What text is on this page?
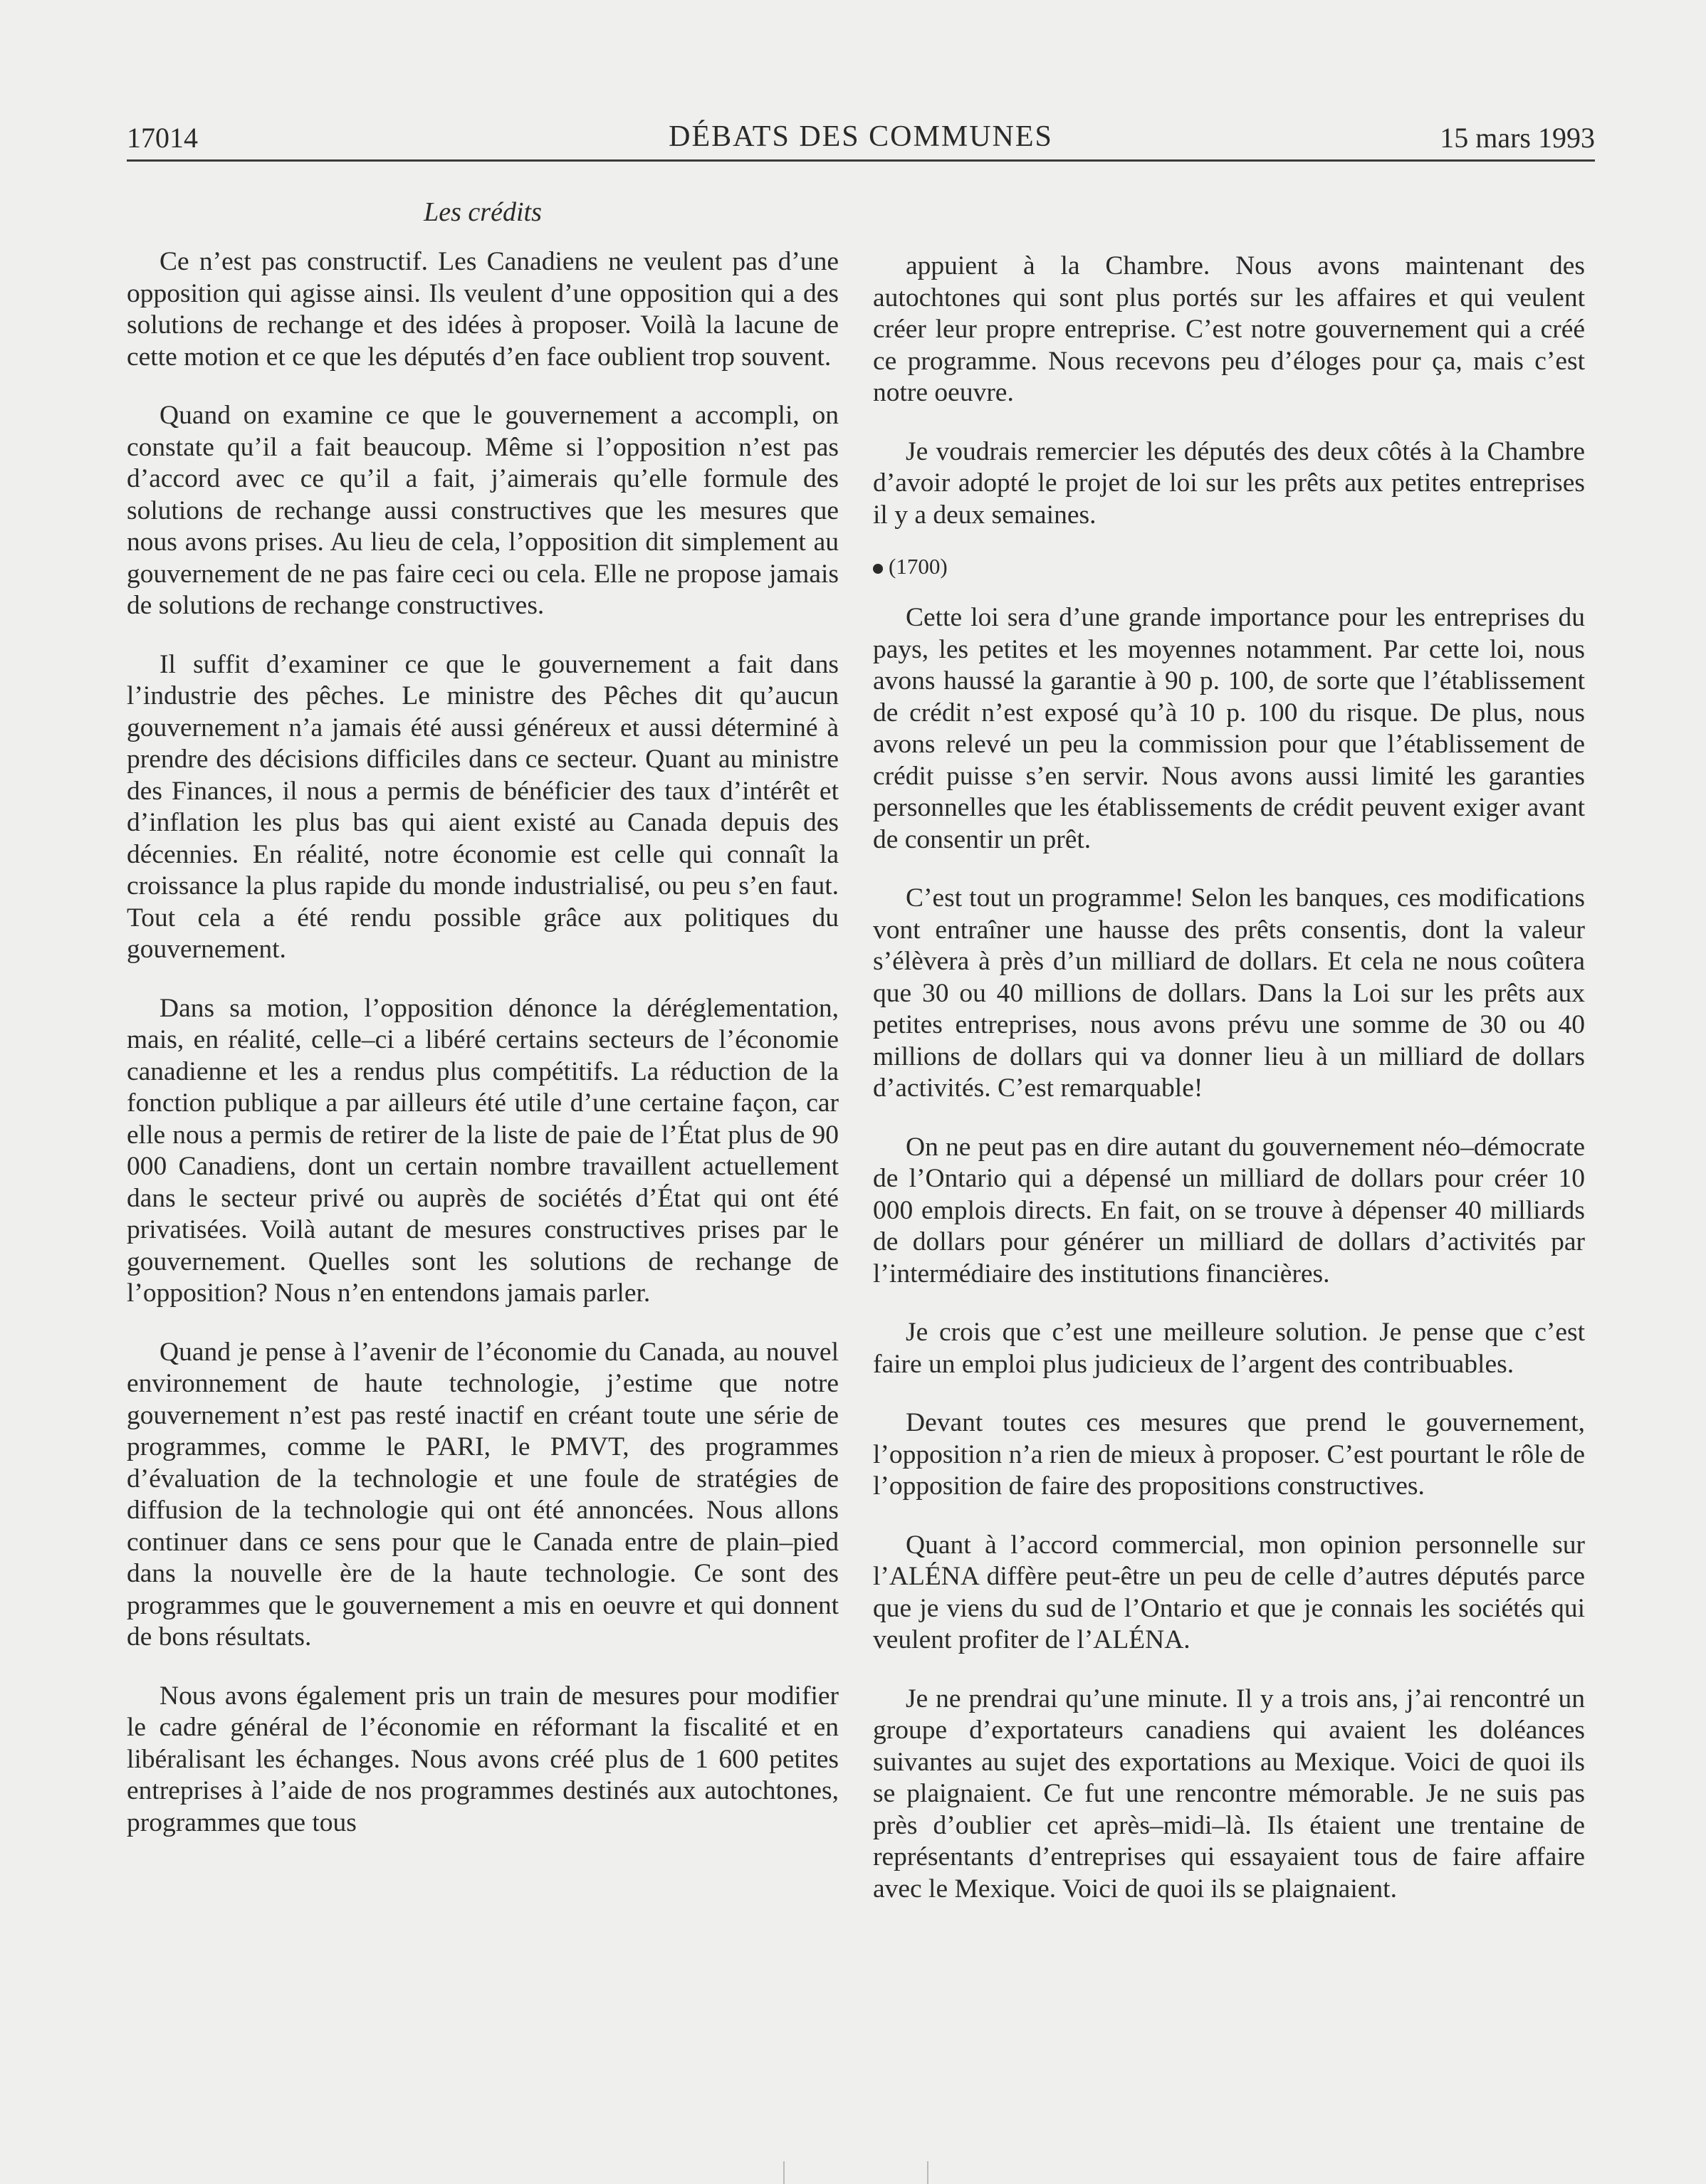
17014	DÉBATS DES COMMUNES	15 mars 1993
Les crédits

Ce n’est pas constructif. Les Canadiens ne veulent pas d’une opposition qui agisse ainsi. Ils veulent d’une opposition qui a des solutions de rechange et des idées à proposer. Voilà la lacune de cette motion et ce que les députés d’en face oublient trop souvent.

Quand on examine ce que le gouvernement a accompli, on constate qu’il a fait beaucoup. Même si l’opposition n’est pas d’accord avec ce qu’il a fait, j’aimerais qu’elle formule des solutions de rechange aussi constructives que les mesures que nous avons prises. Au lieu de cela, l’opposition dit simplement au gouvernement de ne pas faire ceci ou cela. Elle ne propose jamais de solutions de rechange constructives.

Il suffit d’examiner ce que le gouvernement a fait dans l’industrie des pêches. Le ministre des Pêches dit qu’aucun gouvernement n’a jamais été aussi généreux et aussi déterminé à prendre des décisions difficiles dans ce secteur. Quant au ministre des Finances, il nous a permis de bénéficier des taux d’intérêt et d’inflation les plus bas qui aient existé au Canada depuis des décennies. En réalité, notre économie est celle qui connaît la croissance la plus rapide du monde industrialisé, ou peu s’en faut. Tout cela a été rendu possible grâce aux politiques du gouvernement.

Dans sa motion, l’opposition dénonce la déréglementation, mais, en réalité, celle–ci a libéré certains secteurs de l’économie canadienne et les a rendus plus compétitifs. La réduction de la fonction publique a par ailleurs été utile d’une certaine façon, car elle nous a permis de retirer de la liste de paie de l’État plus de 90 000 Canadiens, dont un certain nombre travaillent actuellement dans le secteur privé ou auprès de sociétés d’État qui ont été privatisées. Voilà autant de mesures constructives prises par le gouvernement. Quelles sont les solutions de rechange de l’opposition? Nous n’en entendons jamais parler.

Quand je pense à l’avenir de l’économie du Canada, au nouvel environnement de haute technologie, j’estime que notre gouvernement n’est pas resté inactif en créant toute une série de programmes, comme le PARI, le PMVT, des programmes d’évaluation de la technologie et une foule de stratégies de diffusion de la technologie qui ont été annoncées. Nous allons continuer dans ce sens pour que le Canada entre de plain–pied dans la nouvelle ère de la haute technologie. Ce sont des programmes que le gouvernement a mis en oeuvre et qui donnent de bons résultats.

Nous avons également pris un train de mesures pour modifier le cadre général de l’économie en réformant la fiscalité et en libéralisant les échanges. Nous avons créé plus de 1 600 petites entreprises à l’aide de nos programmes destinés aux autochtones, programmes que tous

appuient à la Chambre. Nous avons maintenant des autochtones qui sont plus portés sur les affaires et qui veulent créer leur propre entreprise. C’est notre gouvernement qui a créé ce programme. Nous recevons peu d’éloges pour ça, mais c’est notre oeuvre.

Je voudrais remercier les députés des deux côtés à la Chambre d’avoir adopté le projet de loi sur les prêts aux petites entreprises il y a deux semaines.

(1700)

Cette loi sera d’une grande importance pour les entreprises du pays, les petites et les moyennes notamment. Par cette loi, nous avons haussé la garantie à 90 p. 100, de sorte que l’établissement de crédit n’est exposé qu’à 10 p. 100 du risque. De plus, nous avons relevé un peu la commission pour que l’établissement de crédit puisse s’en servir. Nous avons aussi limité les garanties personnelles que les établissements de crédit peuvent exiger avant de consentir un prêt.

C’est tout un programme! Selon les banques, ces modifications vont entraîner une hausse des prêts consentis, dont la valeur s’élèvera à près d’un milliard de dollars. Et cela ne nous coûtera que 30 ou 40 millions de dollars. Dans la Loi sur les prêts aux petites entreprises, nous avons prévu une somme de 30 ou 40 millions de dollars qui va donner lieu à un milliard de dollars d’activités. C’est remarquable!

On ne peut pas en dire autant du gouvernement néo–démocrate de l’Ontario qui a dépensé un milliard de dollars pour créer 10 000 emplois directs. En fait, on se trouve à dépenser 40 milliards de dollars pour générer un milliard de dollars d’activités par l’intermédiaire des institutions financières.

Je crois que c’est une meilleure solution. Je pense que c’est faire un emploi plus judicieux de l’argent des contribuables.

Devant toutes ces mesures que prend le gouvernement, l’opposition n’a rien de mieux à proposer. C’est pourtant le rôle de l’opposition de faire des propositions constructives.

Quant à l’accord commercial, mon opinion personnelle sur l’ALÉNA diffère peut-être un peu de celle d’autres députés parce que je viens du sud de l’Ontario et que je connais les sociétés qui veulent profiter de l’ALÉNA.

Je ne prendrai qu’une minute. Il y a trois ans, j’ai rencontré un groupe d’exportateurs canadiens qui avaient les doléances suivantes au sujet des exportations au Mexique. Voici de quoi ils se plaignaient. Ce fut une rencontre mémorable. Je ne suis pas près d’oublier cet après–midi–là. Ils étaient une trentaine de représentants d’entreprises qui essayaient tous de faire affaire avec le Mexique. Voici de quoi ils se plaignaient.
